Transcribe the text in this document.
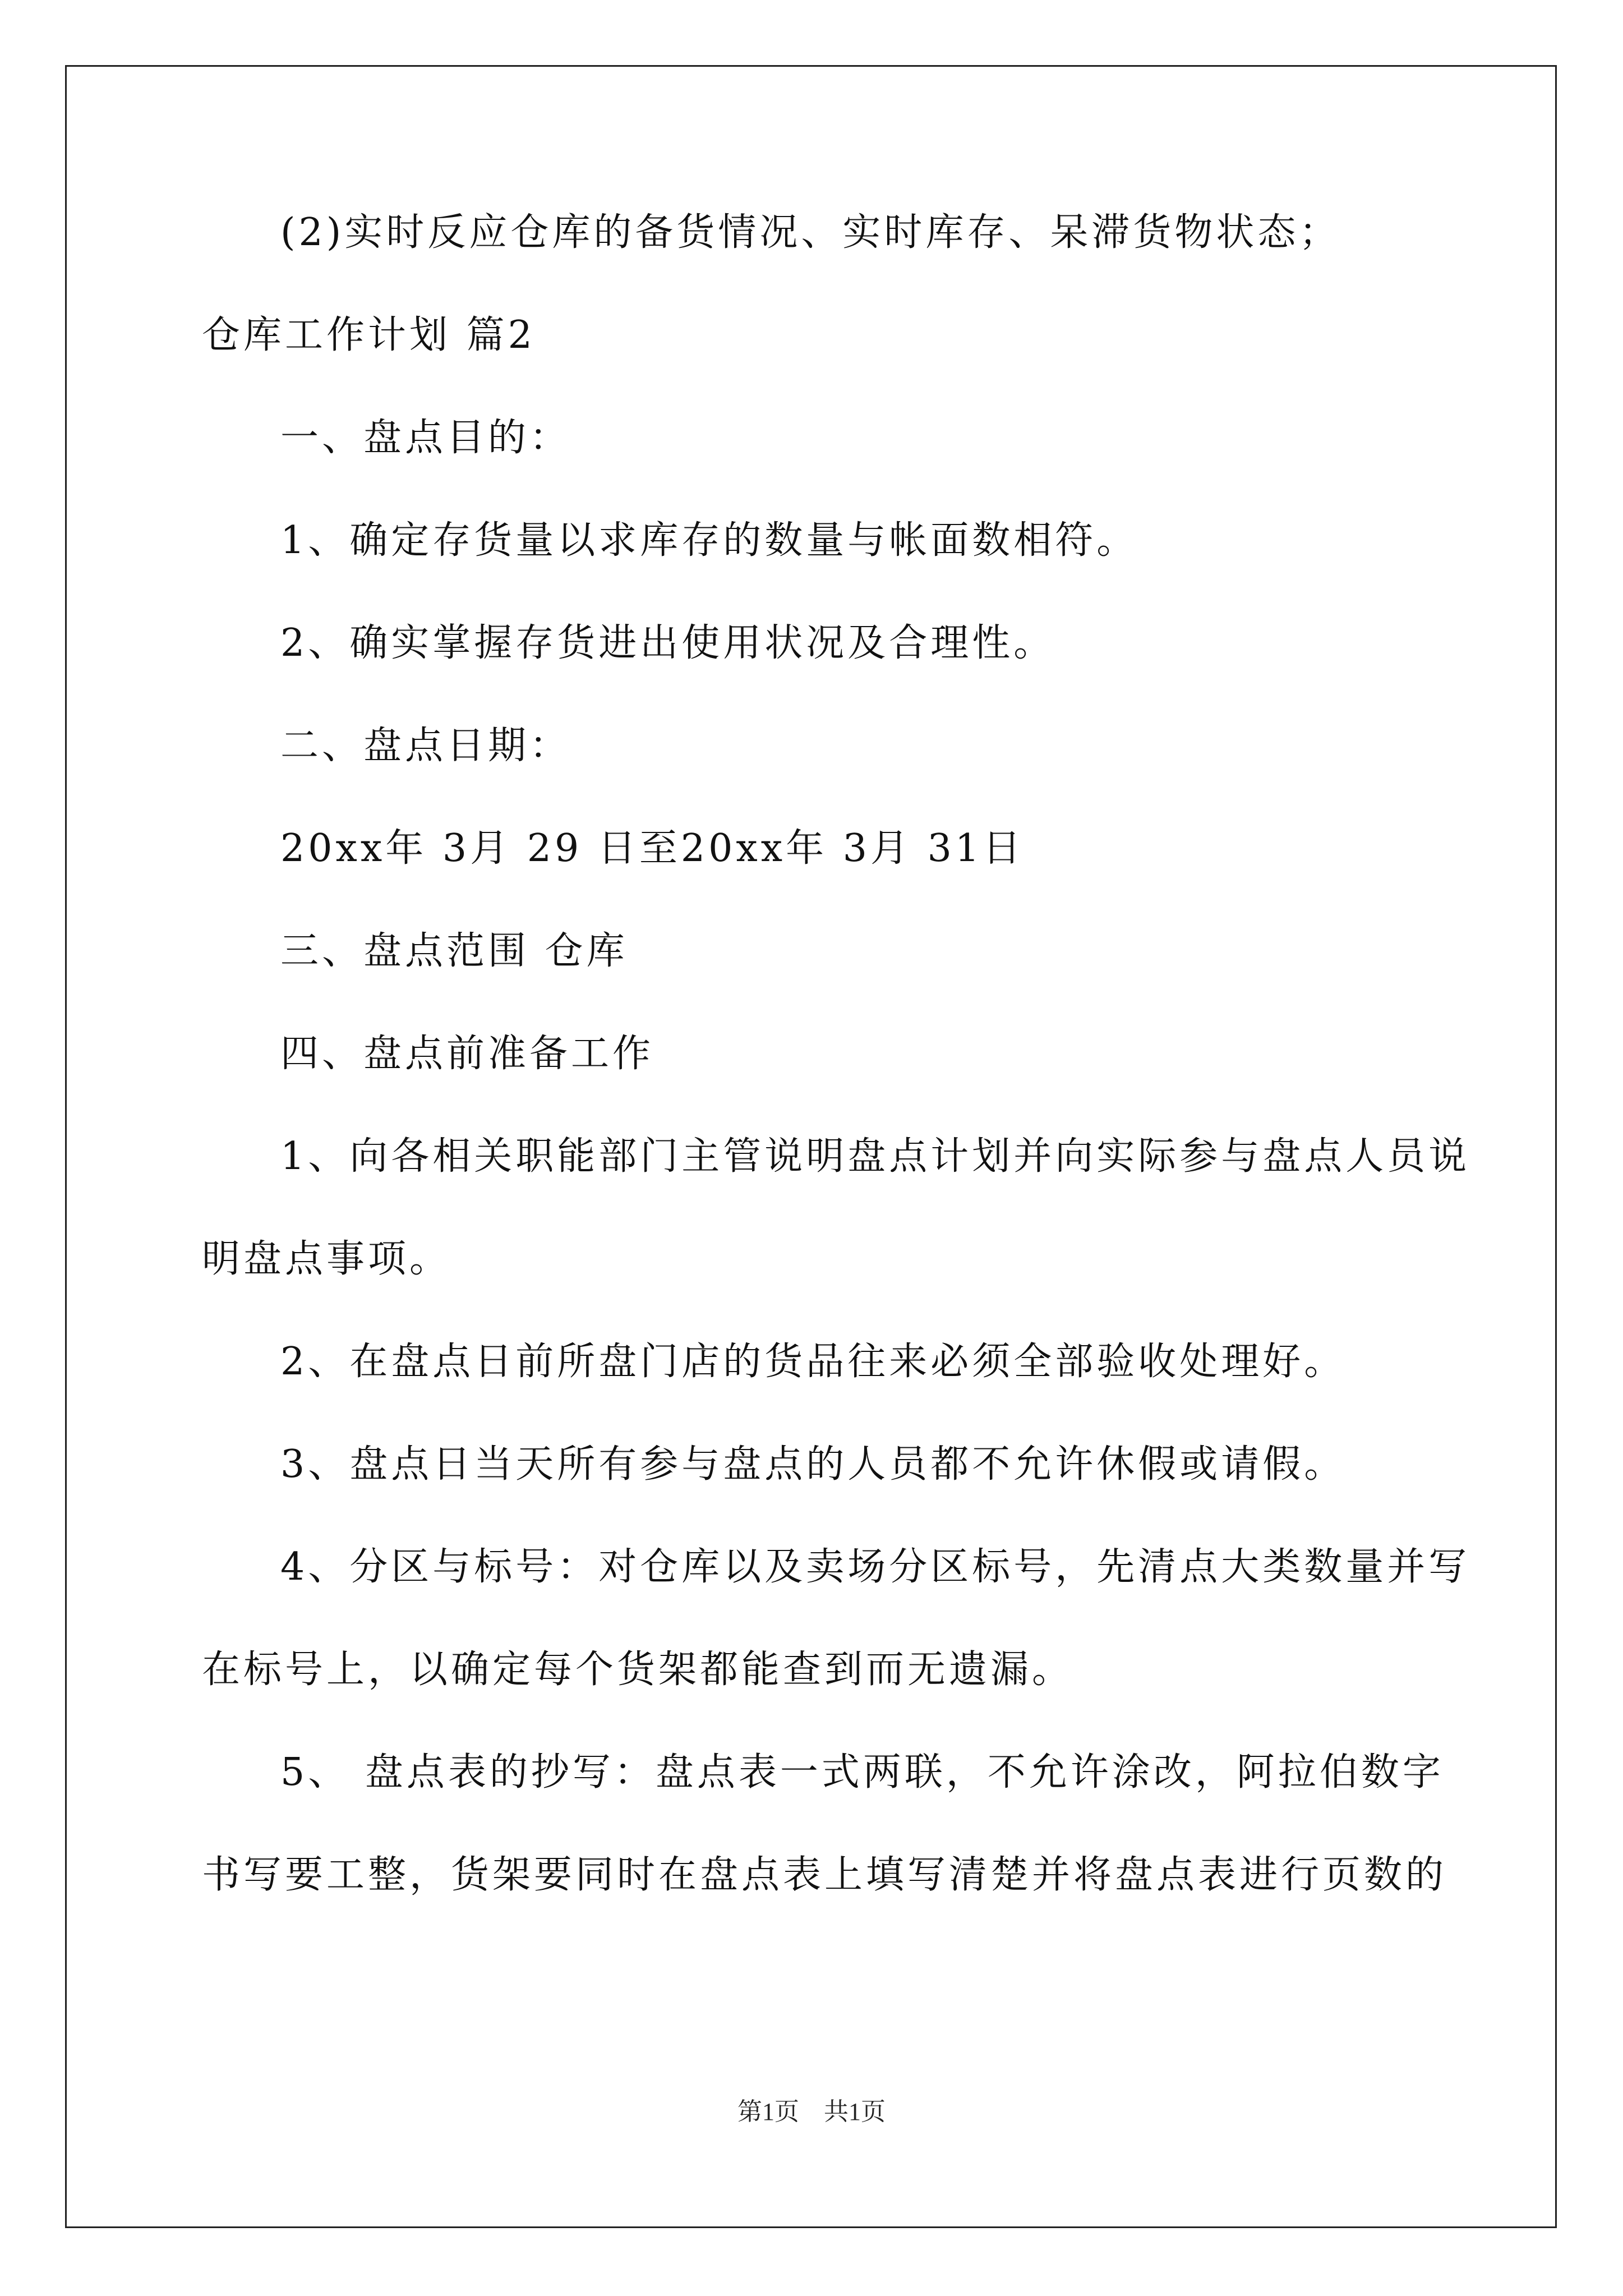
(2)实时反应仓库的备货情况、实时库存、呆滞货物状态；
仓库工作计划 篇2
一、盘点目的：
1、确定存货量以求库存的数量与帐面数相符。
2、确实掌握存货进出使用状况及合理性。
二、盘点日期：
20xx年 3月 29 日至20xx年 3月 31日
三、盘点范围 仓库
四、盘点前准备工作
1、向各相关职能部门主管说明盘点计划并向实际参与盘点人员说
明盘点事项。
2、在盘点日前所盘门店的货品往来必须全部验收处理好。
3、盘点日当天所有参与盘点的人员都不允许休假或请假。
4、分区与标号：对仓库以及卖场分区标号，先清点大类数量并写
在标号上，以确定每个货架都能查到而无遗漏。
5、 盘点表的抄写：盘点表一式两联，不允许涂改，阿拉伯数字
书写要工整，货架要同时在盘点表上填写清楚并将盘点表进行页数的
第1页　共1页
